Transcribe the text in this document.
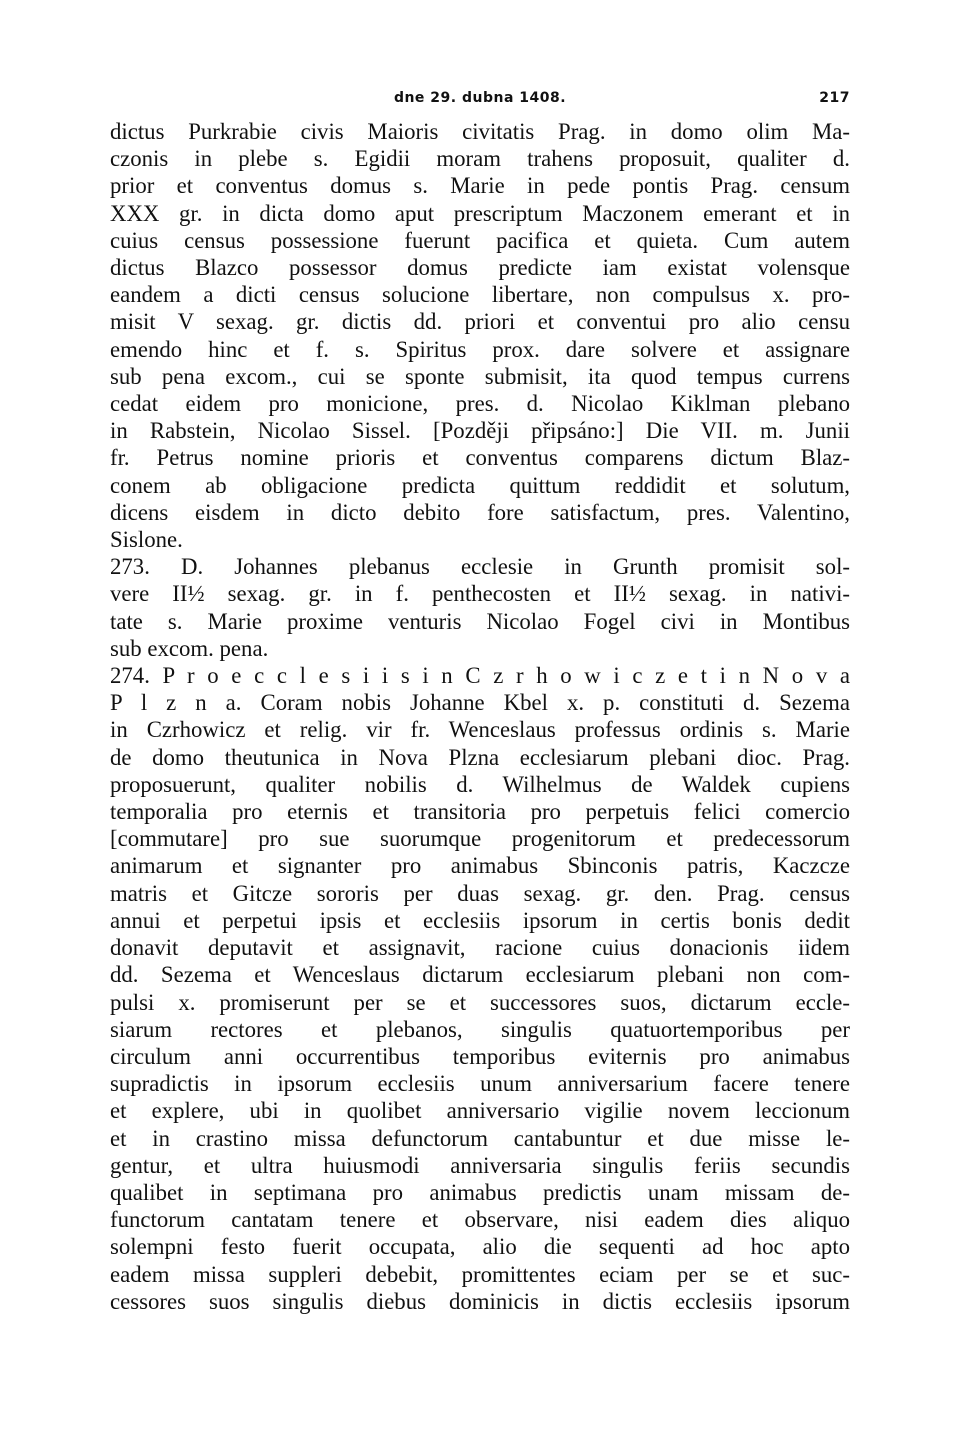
dne 29. dubna 1408.	217
dictus Purkrabie civis Maioris civitatis Prag. in domo olim Ma-
czonis in plebe s. Egidii moram trahens proposuit, qualiter d.
prior et conventus domus s. Marie in pede pontis Prag. censum
XXX gr. in dicta domo aput prescriptum Maczonem emerant et in
cuius census possessione fuerunt pacifica et quieta. Cum autem
dictus Blazco possessor domus predicte iam existat volensque
eandem a dicti census solucione libertare, non compulsus x. pro-
misit V sexag. gr. dictis dd. priori et conventui pro alio censu
emendo hinc et f. s. Spiritus prox. dare solvere et assignare
sub pena excom., cui se sponte submisit, ita quod tempus currens
cedat eidem pro monicione, pres. d. Nicolao Kiklman plebano
in Rabstein, Nicolao Sissel. [Později připsáno:] Die VII. m. Junii
fr. Petrus nomine prioris et conventus comparens dictum Blaz-
conem ab obligacione predicta quittum reddidit et solutum,
dicens eisdem in dicto debito fore satisfactum, pres. Valentino,
Sislone.
273. D. Johannes plebanus ecclesie in Grunth promisit sol-
vere II½ sexag. gr. in f. penthecosten et II½ sexag. in nativi-
tate s. Marie proxime venturis Nicolao Fogel civi in Montibus
sub excom. pena.
274. P r o e c c l e s i i s i n C z r h o w i c z e t i n N o v a
P l z n a. Coram nobis Johanne Kbel x. p. constituti d. Sezema
in Czrhowicz et relig. vir fr. Wenceslaus professus ordinis s. Marie
de domo theutunica in Nova Plzna ecclesiarum plebani dioc. Prag.
proposuerunt, qualiter nobilis d. Wilhelmus de Waldek cupiens
temporalia pro eternis et transitoria pro perpetuis felici comercio
[commutare] pro sue suorumque progenitorum et predecessorum
animarum et signanter pro animabus Sbinconis patris, Kaczcze
matris et Gitcze sororis per duas sexag. gr. den. Prag. census
annui et perpetui ipsis et ecclesiis ipsorum in certis bonis dedit
donavit deputavit et assignavit, racione cuius donacionis iidem
dd. Sezema et Wenceslaus dictarum ecclesiarum plebani non com-
pulsi x. promiserunt per se et successores suos, dictarum eccle-
siarum rectores et plebanos, singulis quatuortemporibus per
circulum anni occurrentibus temporibus eviternis pro animabus
supradictis in ipsorum ecclesiis unum anniversarium facere tenere
et explere, ubi in quolibet anniversario vigilie novem leccionum
et in crastino missa defunctorum cantabuntur et due misse le-
gentur, et ultra huiusmodi anniversaria singulis feriis secundis
qualibet in septimana pro animabus predictis unam missam de-
functorum cantatam tenere et observare, nisi eadem dies aliquo
solempni festo fuerit occupata, alio die sequenti ad hoc apto
eadem missa suppleri debebit, promittentes eciam per se et suc-
cessores suos singulis diebus dominicis in dictis ecclesiis ipsorum
